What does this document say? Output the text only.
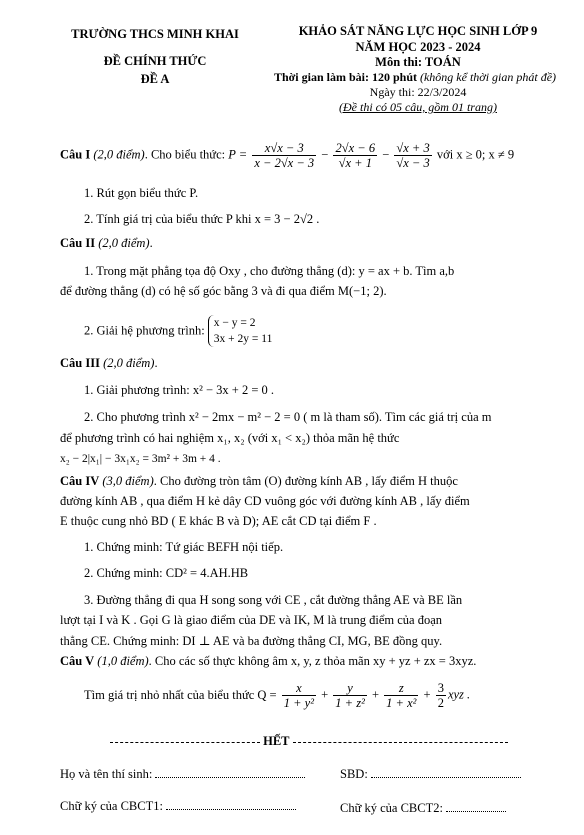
TRƯỜNG THCS MINH KHAI
ĐỀ CHÍNH THỨC
ĐỀ A
KHẢO SÁT NĂNG LỰC HỌC SINH LỚP 9
NĂM HỌC 2023 - 2024
Môn thi: TOÁN
Thời gian làm bài: 120 phút (không kể thời gian phát đề)
Ngày thi: 22/3/2024
(Đề thi có 05 câu, gồm 01 trang)
Câu I (2,0 điểm). Cho biểu thức: $P = \frac{x√x - 3}{x - 2√x - 3} - \frac{2√x - 6}{√x + 1} - \frac{√x + 3}{√x - 3}$ với x ≥ 0; x ≠ 9
1. Rút gọn biểu thức P.
2. Tính giá trị của biểu thức P khi x = 3 − 2√2 .
Câu II (2,0 điểm).
1. Trong mặt phẳng tọa độ Oxy , cho đường thẳng (d): y = ax + b. Tìm a,b
để đường thẳng (d) có hệ số góc bằng 3 và đi qua điểm M(−1; 2).
2. Giải hệ phương trình:
x − y = 2
3x + 2y = 11
Câu III (2,0 điểm).
1. Giải phương trình: x² − 3x + 2 = 0 .
2. Cho phương trình x² − 2mx − m² − 2 = 0 ( m là tham số). Tìm các giá trị của m
để phương trình có hai nghiệm x₁, x₂ (với x₁ < x₂) thỏa mãn hệ thức
x₂ − 2|x₁| − 3x₁x₂ = 3m² + 3m + 4 .
Câu IV (3,0 điểm). Cho đường tròn tâm (O) đường kính AB , lấy điểm H thuộc
đường kính AB , qua điểm H kẻ dây CD vuông góc với đường kính AB , lấy điểm
E thuộc cung nhỏ BD ( E khác B và D); AE cắt CD tại điểm F .
1. Chứng minh: Tứ giác BEFH nội tiếp.
2. Chứng minh: CD² = 4.AH.HB
3. Đường thẳng đi qua H song song với CE , cắt đường thẳng AE và BE lần
lượt tại I và K . Gọi G là giao điểm của DE và IK, M là trung điểm của đoạn
thẳng CE. Chứng minh: DI ⊥ AE và ba đường thẳng CI, MG, BE đồng quy.
Câu V (1,0 điểm). Cho các số thực không âm x, y, z thỏa mãn xy + yz + zx = 3xyz.
Tìm giá trị nhỏ nhất của biểu thức $Q = \frac{x}{\text{1 + y²}} + \frac{y}{\text{1 + z²}} + \frac{z}{\text{1 + x²}} + \frac{3}{2}$ xyz .
HẾT
Họ và tên thí sinh:	SBD:
Chữ ký của CBCT1:	Chữ ký của CBCT2:
